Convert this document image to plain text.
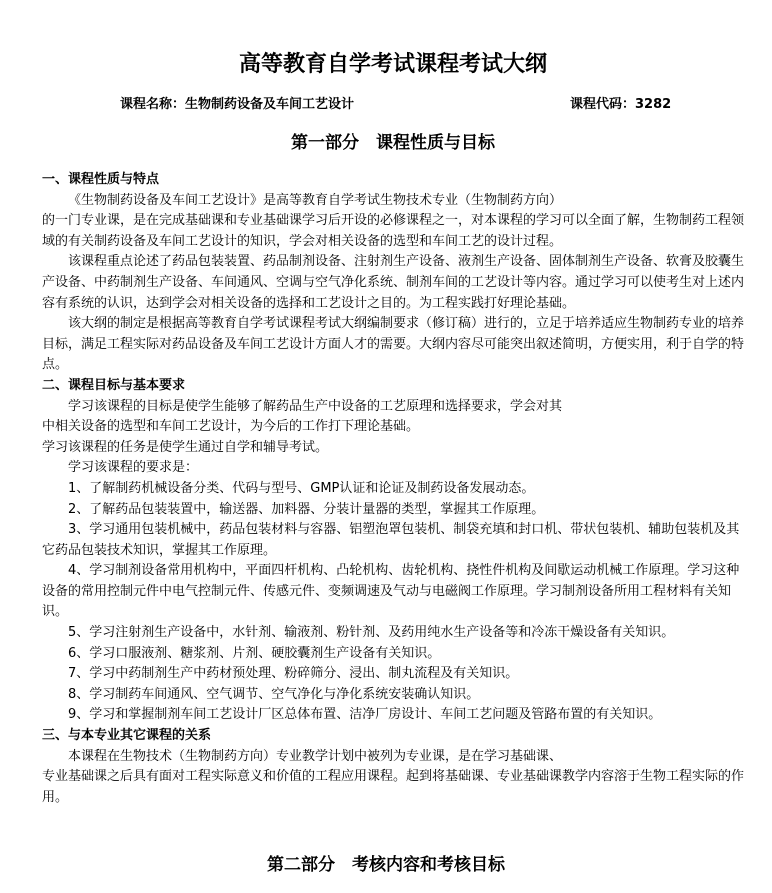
高等教育自学考试课程考试大纲
课程名称：生物制药设备及车间工艺设计	课程代码：3282
第一部分　课程性质与目标

一、课程性质与特点

《生物制药设备及车间工艺设计》是高等教育自学考试生物技术专业（生物制药方向）

的一门专业课，是在完成基础课和专业基础课学习后开设的必修课程之一，对本课程的学习可以全面了解，生物制药工程领域的有关制药设备及车间工艺设计的知识，学会对相关设备的选型和车间工艺的设计过程。

该课程重点论述了药品包装装置、药品制剂设备、注射剂生产设备、液剂生产设备、固体制剂生产设备、软膏及胶囊生产设备、中药制剂生产设备、车间通风、空调与空气净化系统、制剂车间的工艺设计等内容。通过学习可以使考生对上述内容有系统的认识，达到学会对相关设备的选择和工艺设计之目的。为工程实践打好理论基础。

该大纲的制定是根据高等教育自学考试课程考试大纲编制要求（修订稿）进行的，立足于培养适应生物制药专业的培养目标，满足工程实际对药品设备及车间工艺设计方面人才的需要。大纲内容尽可能突出叙述简明，方便实用，利于自学的特点。

二、课程目标与基本要求

学习该课程的目标是使学生能够了解药品生产中设备的工艺原理和选择要求，学会对其

中相关设备的选型和车间工艺设计，为今后的工作打下理论基础。

学习该课程的任务是使学生通过自学和辅导考试。

学习该课程的要求是：

1、了解制药机械设备分类、代码与型号、GMP认证和论证及制药设备发展动态。

2、了解药品包装装置中，输送器、加料器、分装计量器的类型，掌握其工作原理。

3、学习通用包装机械中，药品包装材料与容器、铝塑泡罩包装机、制袋充填和封口机、带状包装机、辅助包装机及其它药品包装技术知识，掌握其工作原理。

4、学习制剂设备常用机构中，平面四杆机构、凸轮机构、齿轮机构、挠性件机构及间歇运动机械工作原理。学习这种设备的常用控制元件中电气控制元件、传感元件、变频调速及气动与电磁阀工作原理。学习制剂设备所用工程材料有关知识。

5、学习注射剂生产设备中，水针剂、输液剂、粉针剂、及药用纯水生产设备等和冷冻干燥设备有关知识。

6、学习口服液剂、糖浆剂、片剂、硬胶囊剂生产设备有关知识。

7、学习中药制剂生产中药材预处理、粉碎筛分、浸出、制丸流程及有关知识。

8、学习制药车间通风、空气调节、空气净化与净化系统安装确认知识。

9、学习和掌握制剂车间工艺设计厂区总体布置、洁净厂房设计、车间工艺问题及管路布置的有关知识。

三、与本专业其它课程的关系

本课程在生物技术（生物制药方向）专业教学计划中被列为专业课，是在学习基础课、

专业基础课之后具有面对工程实际意义和价值的工程应用课程。起到将基础课、专业基础课教学内容溶于生物工程实际的作用。

第二部分　考核内容和考核目标
